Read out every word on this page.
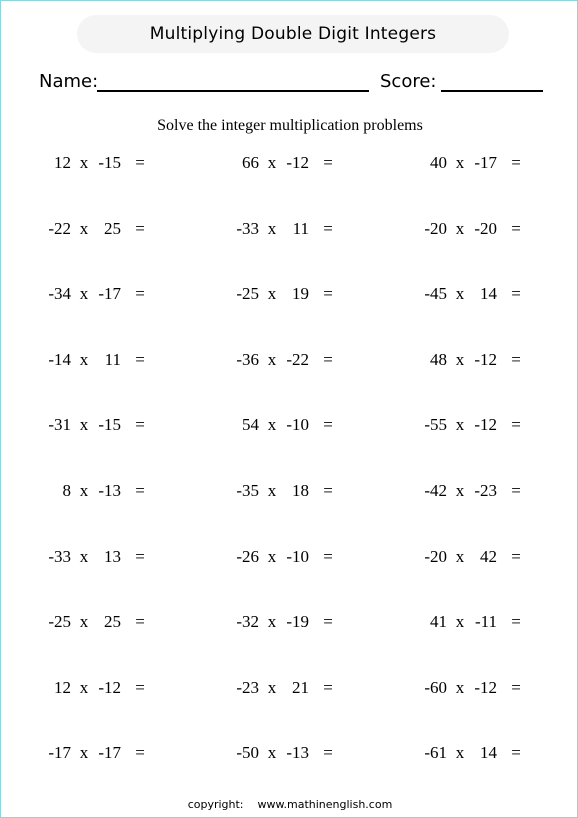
Multiplying Double Digit Integers
Name:	Score:
Solve the integer multiplication problems
12 x -15 =	66 x -12 =	40 x -17 =
-22 x 25 =	-33 x 11 =	-20 x -20 =
-34 x -17 =	-25 x 19 =	-45 x 14 =
-14 x 11 =	-36 x -22 =	48 x -12 =
-31 x -15 =	54 x -10 =	-55 x -12 =
8 x -13 =	-35 x 18 =	-42 x -23 =
-33 x 13 =	-26 x -10 =	-20 x 42 =
-25 x 25 =	-32 x -19 =	41 x -11 =
12 x -12 =	-23 x 21 =	-60 x -12 =
-17 x -17 =	-50 x -13 =	-61 x 14 =
copyright: www.mathinenglish.com
